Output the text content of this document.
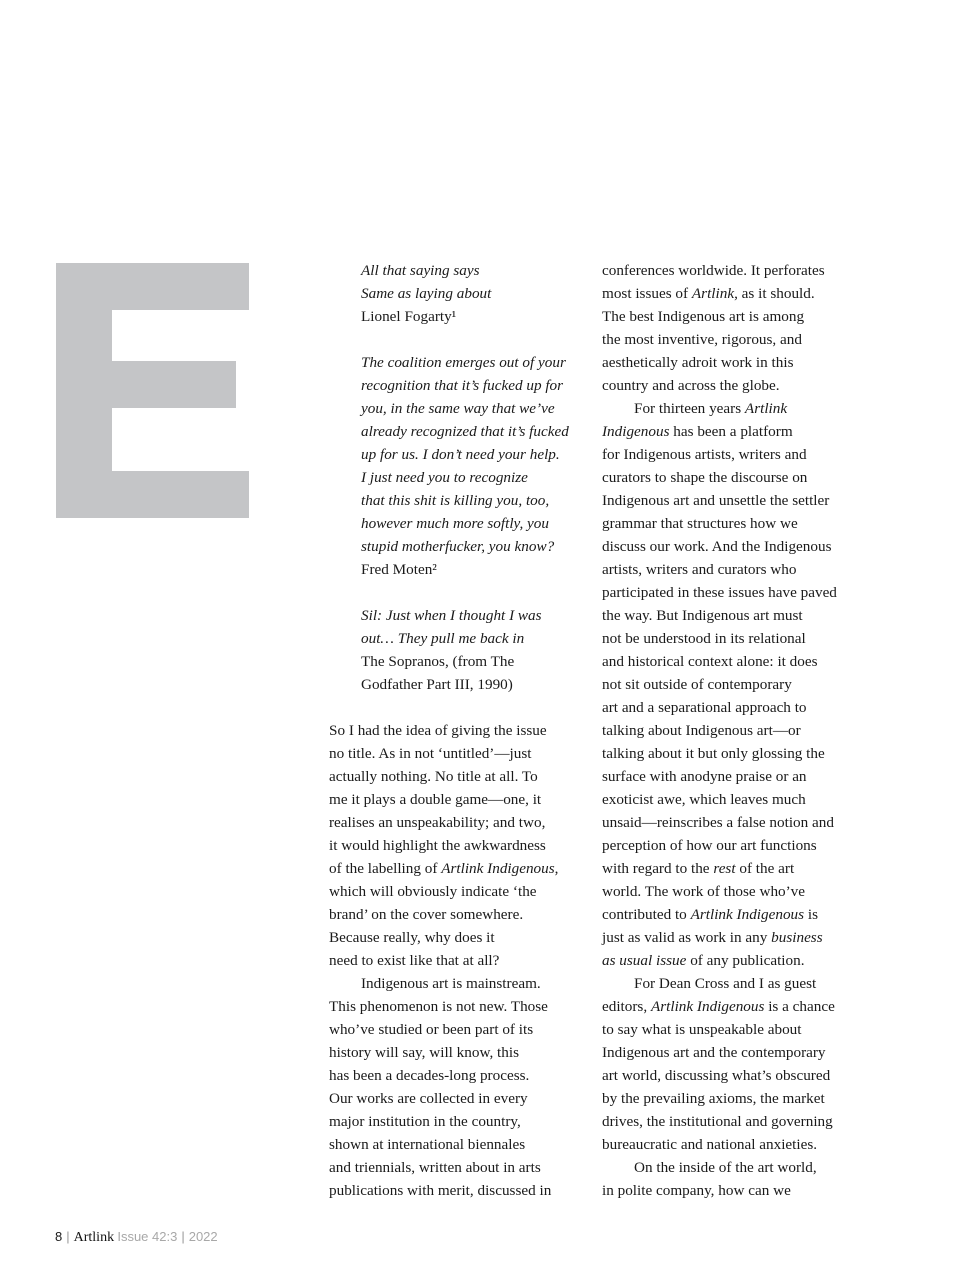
All that saying says
Same as laying about
Lionel Fogarty¹
The coalition emerges out of your
recognition that it’s fucked up for
you, in the same way that we’ve
already recognized that it’s fucked
up for us. I don’t need your help.
I just need you to recognize
that this shit is killing you, too,
however much more softly, you
stupid motherfucker, you know?
Fred Moten²
Sil: Just when I thought I was
out… They pull me back in
The Sopranos, (from The
Godfather Part III, 1990)

So I had the idea of giving the issue
no title. As in not ‘untitled’—just
actually nothing. No title at all. To
me it plays a double game—one, it
realises an unspeakability; and two,
it would highlight the awkwardness
of the labelling of Artlink Indigenous,
which will obviously indicate ‘the
brand’ on the cover somewhere.
Because really, why does it
need to exist like that at all?

Indigenous art is mainstream.
This phenomenon is not new. Those
who’ve studied or been part of its
history will say, will know, this
has been a decades-long process.
Our works are collected in every
major institution in the country,
shown at international biennales
and triennials, written about in arts
publications with merit, discussed in

conferences worldwide. It perforates
most issues of Artlink, as it should.
The best Indigenous art is among
the most inventive, rigorous, and
aesthetically adroit work in this
country and across the globe.

For thirteen years Artlink
Indigenous has been a platform
for Indigenous artists, writers and
curators to shape the discourse on
Indigenous art and unsettle the settler
grammar that structures how we
discuss our work. And the Indigenous
artists, writers and curators who
participated in these issues have paved
the way. But Indigenous art must
not be understood in its relational
and historical context alone: it does
not sit outside of contemporary
art and a separational approach to
talking about Indigenous art—or
talking about it but only glossing the
surface with anodyne praise or an
exoticist awe, which leaves much
unsaid—reinscribes a false notion and
perception of how our art functions
with regard to the rest of the art
world. The work of those who’ve
contributed to Artlink Indigenous is
just as valid as work in any business
as usual issue of any publication.

For Dean Cross and I as guest
editors, Artlink Indigenous is a chance
to say what is unspeakable about
Indigenous art and the contemporary
art world, discussing what’s obscured
by the prevailing axioms, the market
drives, the institutional and governing
bureaucratic and national anxieties.

On the inside of the art world,
in polite company, how can we

8 | Artlink Issue 42:3 | 2022
